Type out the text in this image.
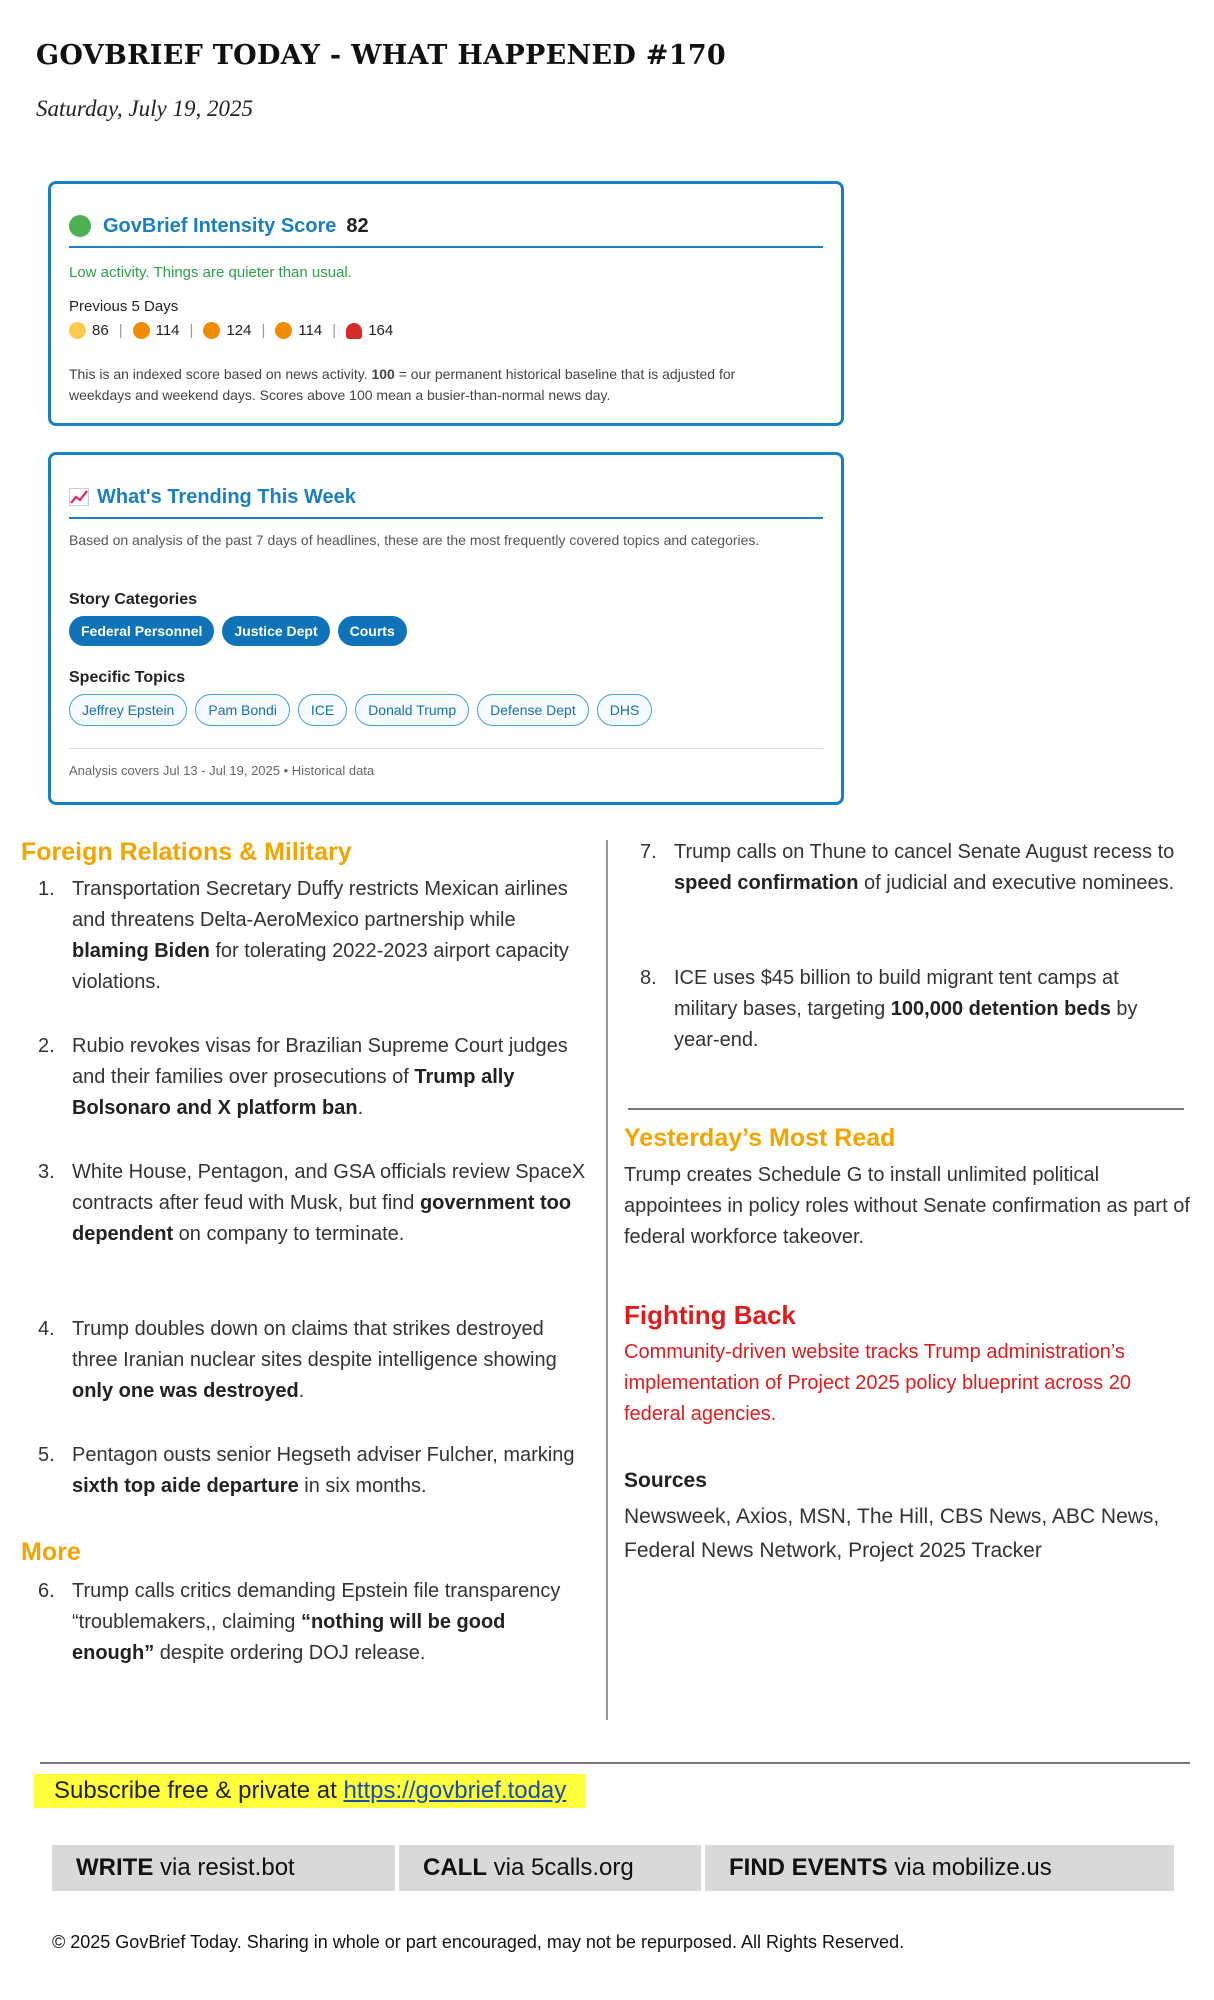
GOVBRIEF TODAY - WHAT HAPPENED #170
Saturday, July 19, 2025
GovBrief Intensity Score 82
Low activity. Things are quieter than usual.
Previous 5 Days
86 | 114 | 124 | 114 | 164
This is an indexed score based on news activity. 100 = our permanent historical baseline that is adjusted for weekdays and weekend days. Scores above 100 mean a busier-than-normal news day.
What's Trending This Week
Based on analysis of the past 7 days of headlines, these are the most frequently covered topics and categories.
Story Categories
Federal Personnel	Justice Dept	Courts
Specific Topics
Jeffrey Epstein	Pam Bondi	ICE	Donald Trump	Defense Dept	DHS
Analysis covers Jul 13 - Jul 19, 2025 • Historical data
Foreign Relations & Military
1. Transportation Secretary Duffy restricts Mexican airlines and threatens Delta-AeroMexico partnership while blaming Biden for tolerating 2022-2023 airport capacity violations.
2. Rubio revokes visas for Brazilian Supreme Court judges and their families over prosecutions of Trump ally Bolsonaro and X platform ban.
3. White House, Pentagon, and GSA officials review SpaceX contracts after feud with Musk, but find government too dependent on company to terminate.
4. Trump doubles down on claims that strikes destroyed three Iranian nuclear sites despite intelligence showing only one was destroyed.
5. Pentagon ousts senior Hegseth adviser Fulcher, marking sixth top aide departure in six months.
More
6. Trump calls critics demanding Epstein file transparency “troublemakers,, claiming “nothing will be good enough” despite ordering DOJ release.
7. Trump calls on Thune to cancel Senate August recess to speed confirmation of judicial and executive nominees.
8. ICE uses $45 billion to build migrant tent camps at military bases, targeting 100,000 detention beds by year-end.
Yesterday’s Most Read
Trump creates Schedule G to install unlimited political appointees in policy roles without Senate confirmation as part of federal workforce takeover.
Fighting Back
Community-driven website tracks Trump administration’s implementation of Project 2025 policy blueprint across 20 federal agencies.
Sources
Newsweek, Axios, MSN, The Hill, CBS News, ABC News, Federal News Network, Project 2025 Tracker
Subscribe free & private at https://govbrief.today
WRITE via resist.bot	CALL via 5calls.org	FIND EVENTS via mobilize.us
© 2025 GovBrief Today. Sharing in whole or part encouraged, may not be repurposed. All Rights Reserved.
